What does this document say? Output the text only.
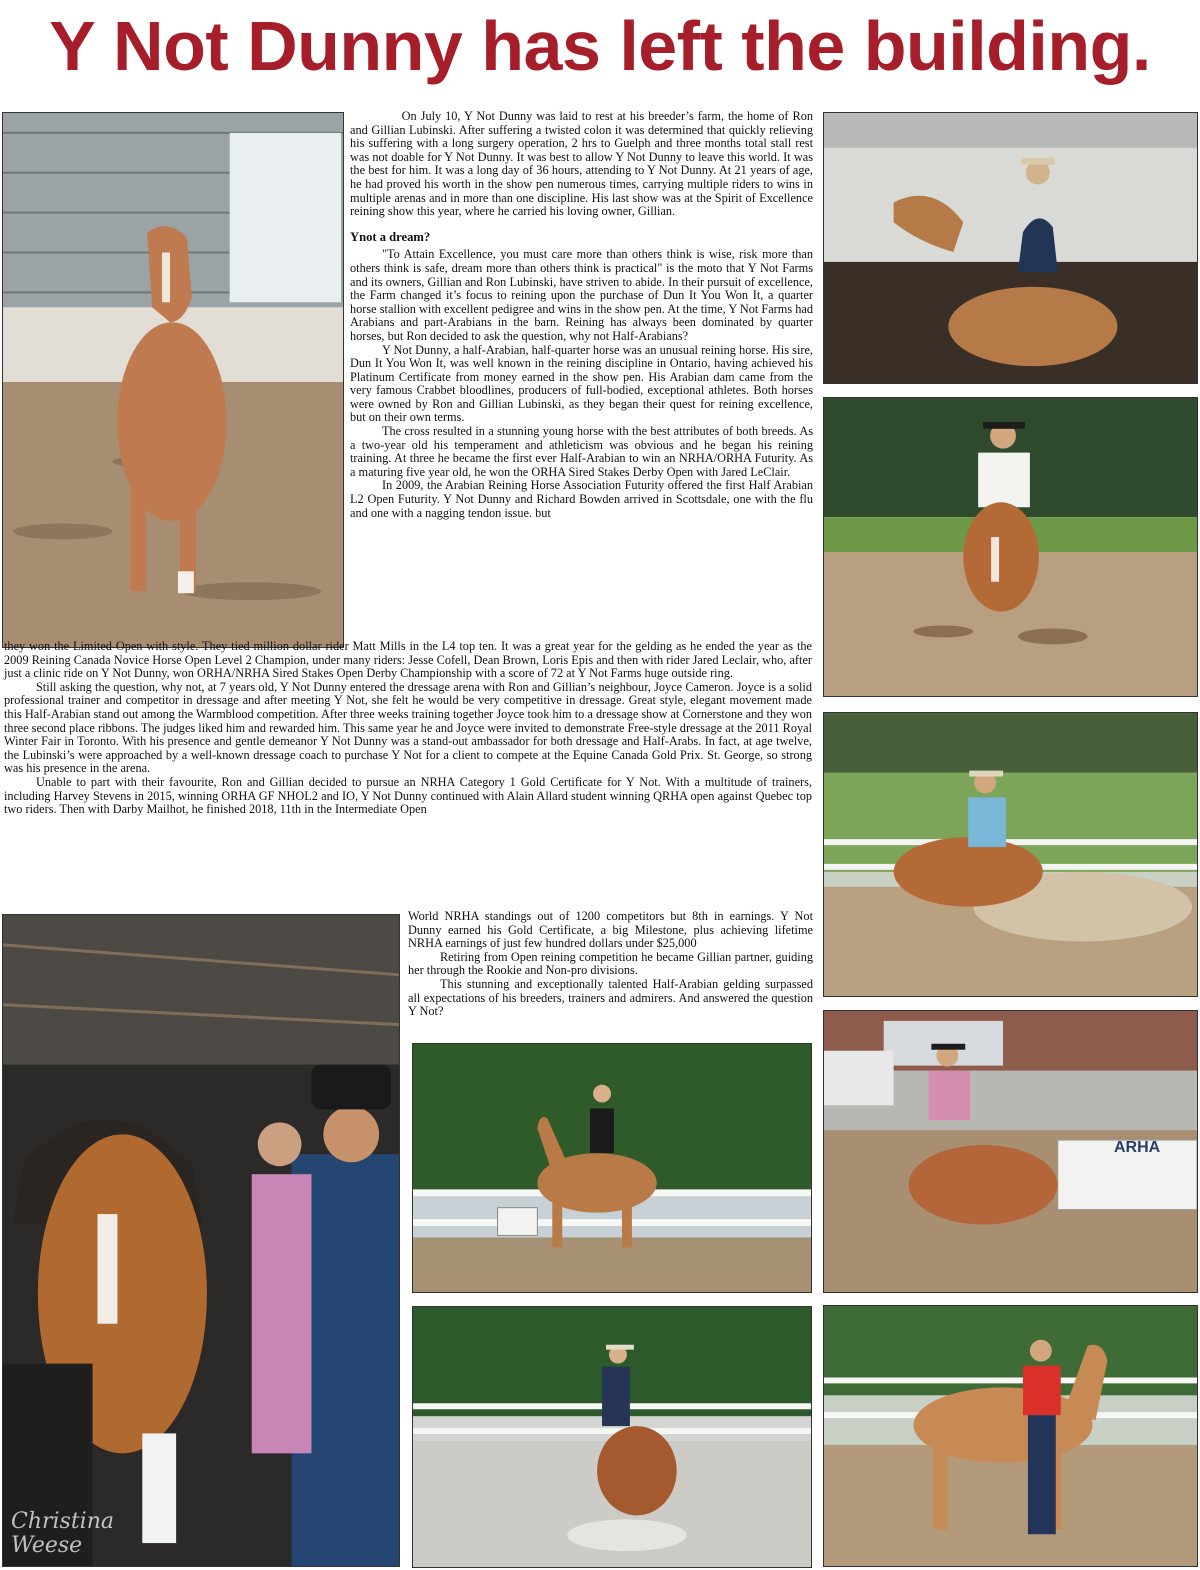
Y Not Dunny has left the building.
ARHA
Christina Weese

On July 10, Y Not Dunny was laid to rest at his breeder’s farm, the home of Ron and Gillian Lubinski. After suffering a twisted colon it was determined that quickly relieving his suffering with a long surgery operation, 2 hrs to Guelph and three months total stall rest was not doable for Y Not Dunny. It was best to allow Y Not Dunny to leave this world. It was the best for him. It was a long day of 36 hours, attending to Y Not Dunny. At 21 years of age, he had proved his worth in the show pen numerous times, carrying multiple riders to wins in multiple arenas and in more than one discipline. His last show was at the Spirit of Excellence reining show this year, where he carried his loving owner, Gillian.

Ynot a dream?

"To Attain Excellence, you must care more than others think is wise, risk more than others think is safe, dream more than others think is practical" is the moto that Y Not Farms and its owners, Gillian and Ron Lubinski, have striven to abide. In their pursuit of excellence, the Farm changed it’s focus to reining upon the purchase of Dun It You Won It, a quarter horse stallion with excellent pedigree and wins in the show pen. At the time, Y Not Farms had Arabians and part-Arabians in the barn. Reining has always been dominated by quarter horses, but Ron decided to ask the question, why not Half-Arabians?

Y Not Dunny, a half-Arabian, half-quarter horse was an unusual reining horse. His sire, Dun It You Won It, was well known in the reining discipline in Ontario, having achieved his Platinum Certificate from money earned in the show pen. His Arabian dam came from the very famous Crabbet bloodlines, producers of full-bodied, exceptional athletes. Both horses were owned by Ron and Gillian Lubinski, as they began their quest for reining excellence, but on their own terms.

The cross resulted in a stunning young horse with the best attributes of both breeds. As a two-year old his temperament and athleticism was obvious and he began his reining training. At three he became the first ever Half-Arabian to win an NRHA/ORHA Futurity. As a maturing five year old, he won the ORHA Sired Stakes Derby Open with Jared LeClair.

In 2009, the Arabian Reining Horse Association Futurity offered the first Half Arabian L2 Open Futurity. Y Not Dunny and Richard Bowden arrived in Scottsdale, one with the flu and one with a nagging tendon issue. but

they won the Limited Open with style. They tied million dollar rider Matt Mills in the L4 top ten. It was a great year for the gelding as he ended the year as the 2009 Reining Canada Novice Horse Open Level 2 Champion, under many riders: Jesse Cofell, Dean Brown, Loris Epis and then with rider Jared Leclair, who, after just a clinic ride on Y Not Dunny, won ORHA/NRHA Sired Stakes Open Derby Championship with a score of 72 at Y Not Farms huge outside ring.

Still asking the question, why not, at 7 years old, Y Not Dunny entered the dressage arena with Ron and Gillian’s neighbour, Joyce Cameron. Joyce is a solid professional trainer and competitor in dressage and after meeting Y Not, she felt he would be very competitive in dressage. Great style, elegant movement made this Half-Arabian stand out among the Warmblood competition. After three weeks training together Joyce took him to a dressage show at Cornerstone and they won three second place ribbons. The judges liked him and rewarded him. This same year he and Joyce were invited to demonstrate Free-style dressage at the 2011 Royal Winter Fair in Toronto. With his presence and gentle demeanor Y Not Dunny was a stand-out ambassador for both dressage and Half-Arabs. In fact, at age twelve, the Lubinski’s were approached by a well-known dressage coach to purchase Y Not for a client to compete at the Equine Canada Gold Prix. St. George, so strong was his presence in the arena.

Unable to part with their favourite, Ron and Gillian decided to pursue an NRHA Category 1 Gold Certificate for Y Not. With a multitude of trainers, including Harvey Stevens in 2015, winning ORHA GF NHOL2 and IO, Y Not Dunny continued with Alain Allard student winning QRHA open against Quebec top two riders. Then with Darby Mailhot, he finished 2018, 11th in the Intermediate Open

World NRHA standings out of 1200 competitors but 8th in earnings. Y Not Dunny earned his Gold Certificate, a big Milestone, plus achieving lifetime NRHA earnings of just few hundred dollars under $25,000

Retiring from Open reining competition he became Gillian partner, guiding her through the Rookie and Non-pro divisions.

This stunning and exceptionally talented Half-Arabian gelding surpassed all expectations of his breeders, trainers and admirers. And answered the question Y Not?
